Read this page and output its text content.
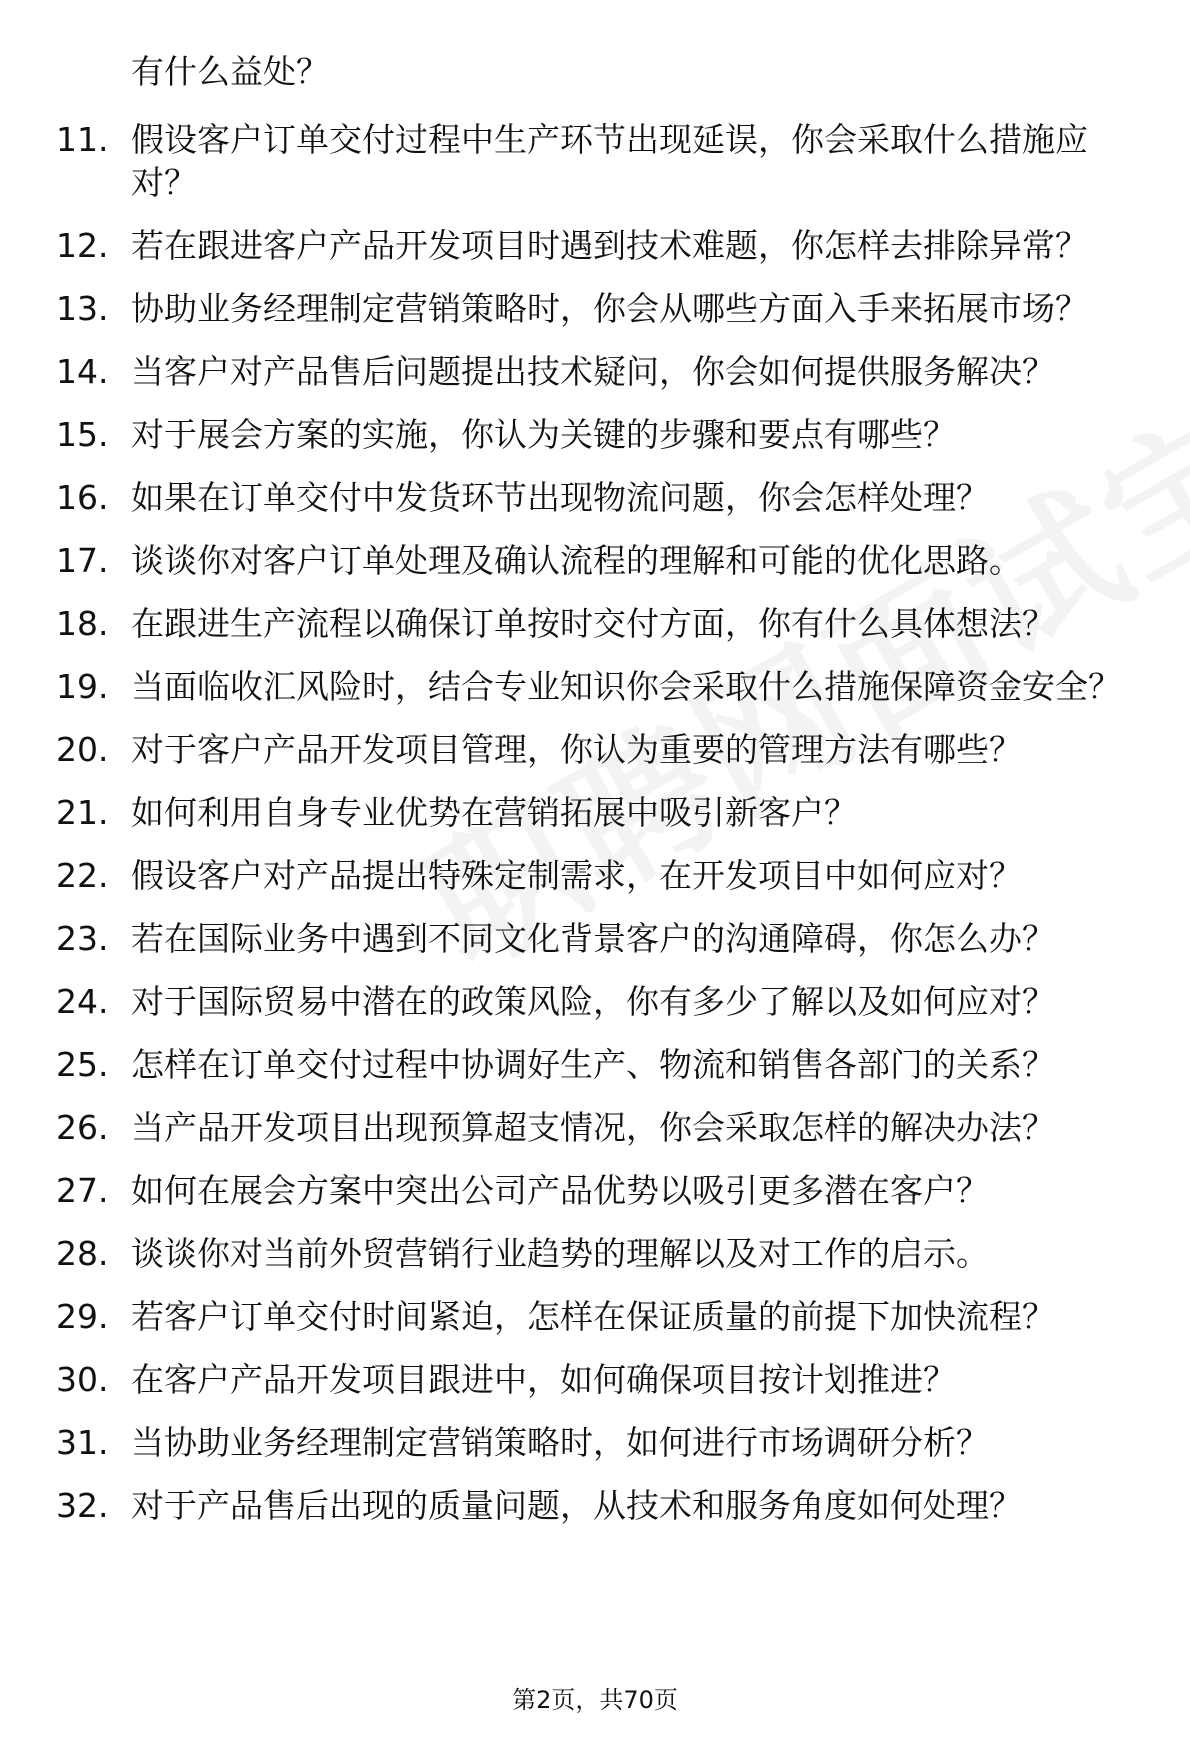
有什么益处？
11. 假设客户订单交付过程中生产环节出现延误，你会采取什么措施应对？
12. 若在跟进客户产品开发项目时遇到技术难题，你怎样去排除异常？
13. 协助业务经理制定营销策略时，你会从哪些方面入手来拓展市场？
14. 当客户对产品售后问题提出技术疑问，你会如何提供服务解决？
15. 对于展会方案的实施，你认为关键的步骤和要点有哪些？
16. 如果在订单交付中发货环节出现物流问题，你会怎样处理？
17. 谈谈你对客户订单处理及确认流程的理解和可能的优化思路。
18. 在跟进生产流程以确保订单按时交付方面，你有什么具体想法？
19. 当面临收汇风险时，结合专业知识你会采取什么措施保障资金安全？
20. 对于客户产品开发项目管理，你认为重要的管理方法有哪些？
21. 如何利用自身专业优势在营销拓展中吸引新客户？
22. 假设客户对产品提出特殊定制需求，在开发项目中如何应对？
23. 若在国际业务中遇到不同文化背景客户的沟通障碍，你怎么办？
24. 对于国际贸易中潜在的政策风险，你有多少了解以及如何应对？
25. 怎样在订单交付过程中协调好生产、物流和销售各部门的关系？
26. 当产品开发项目出现预算超支情况，你会采取怎样的解决办法？
27. 如何在展会方案中突出公司产品优势以吸引更多潜在客户？
28. 谈谈你对当前外贸营销行业趋势的理解以及对工作的启示。
29. 若客户订单交付时间紧迫，怎样在保证质量的前提下加快流程？
30. 在客户产品开发项目跟进中，如何确保项目按计划推进？
31. 当协助业务经理制定营销策略时，如何进行市场调研分析？
32. 对于产品售后出现的质量问题，从技术和服务角度如何处理？
第2页，共70页
